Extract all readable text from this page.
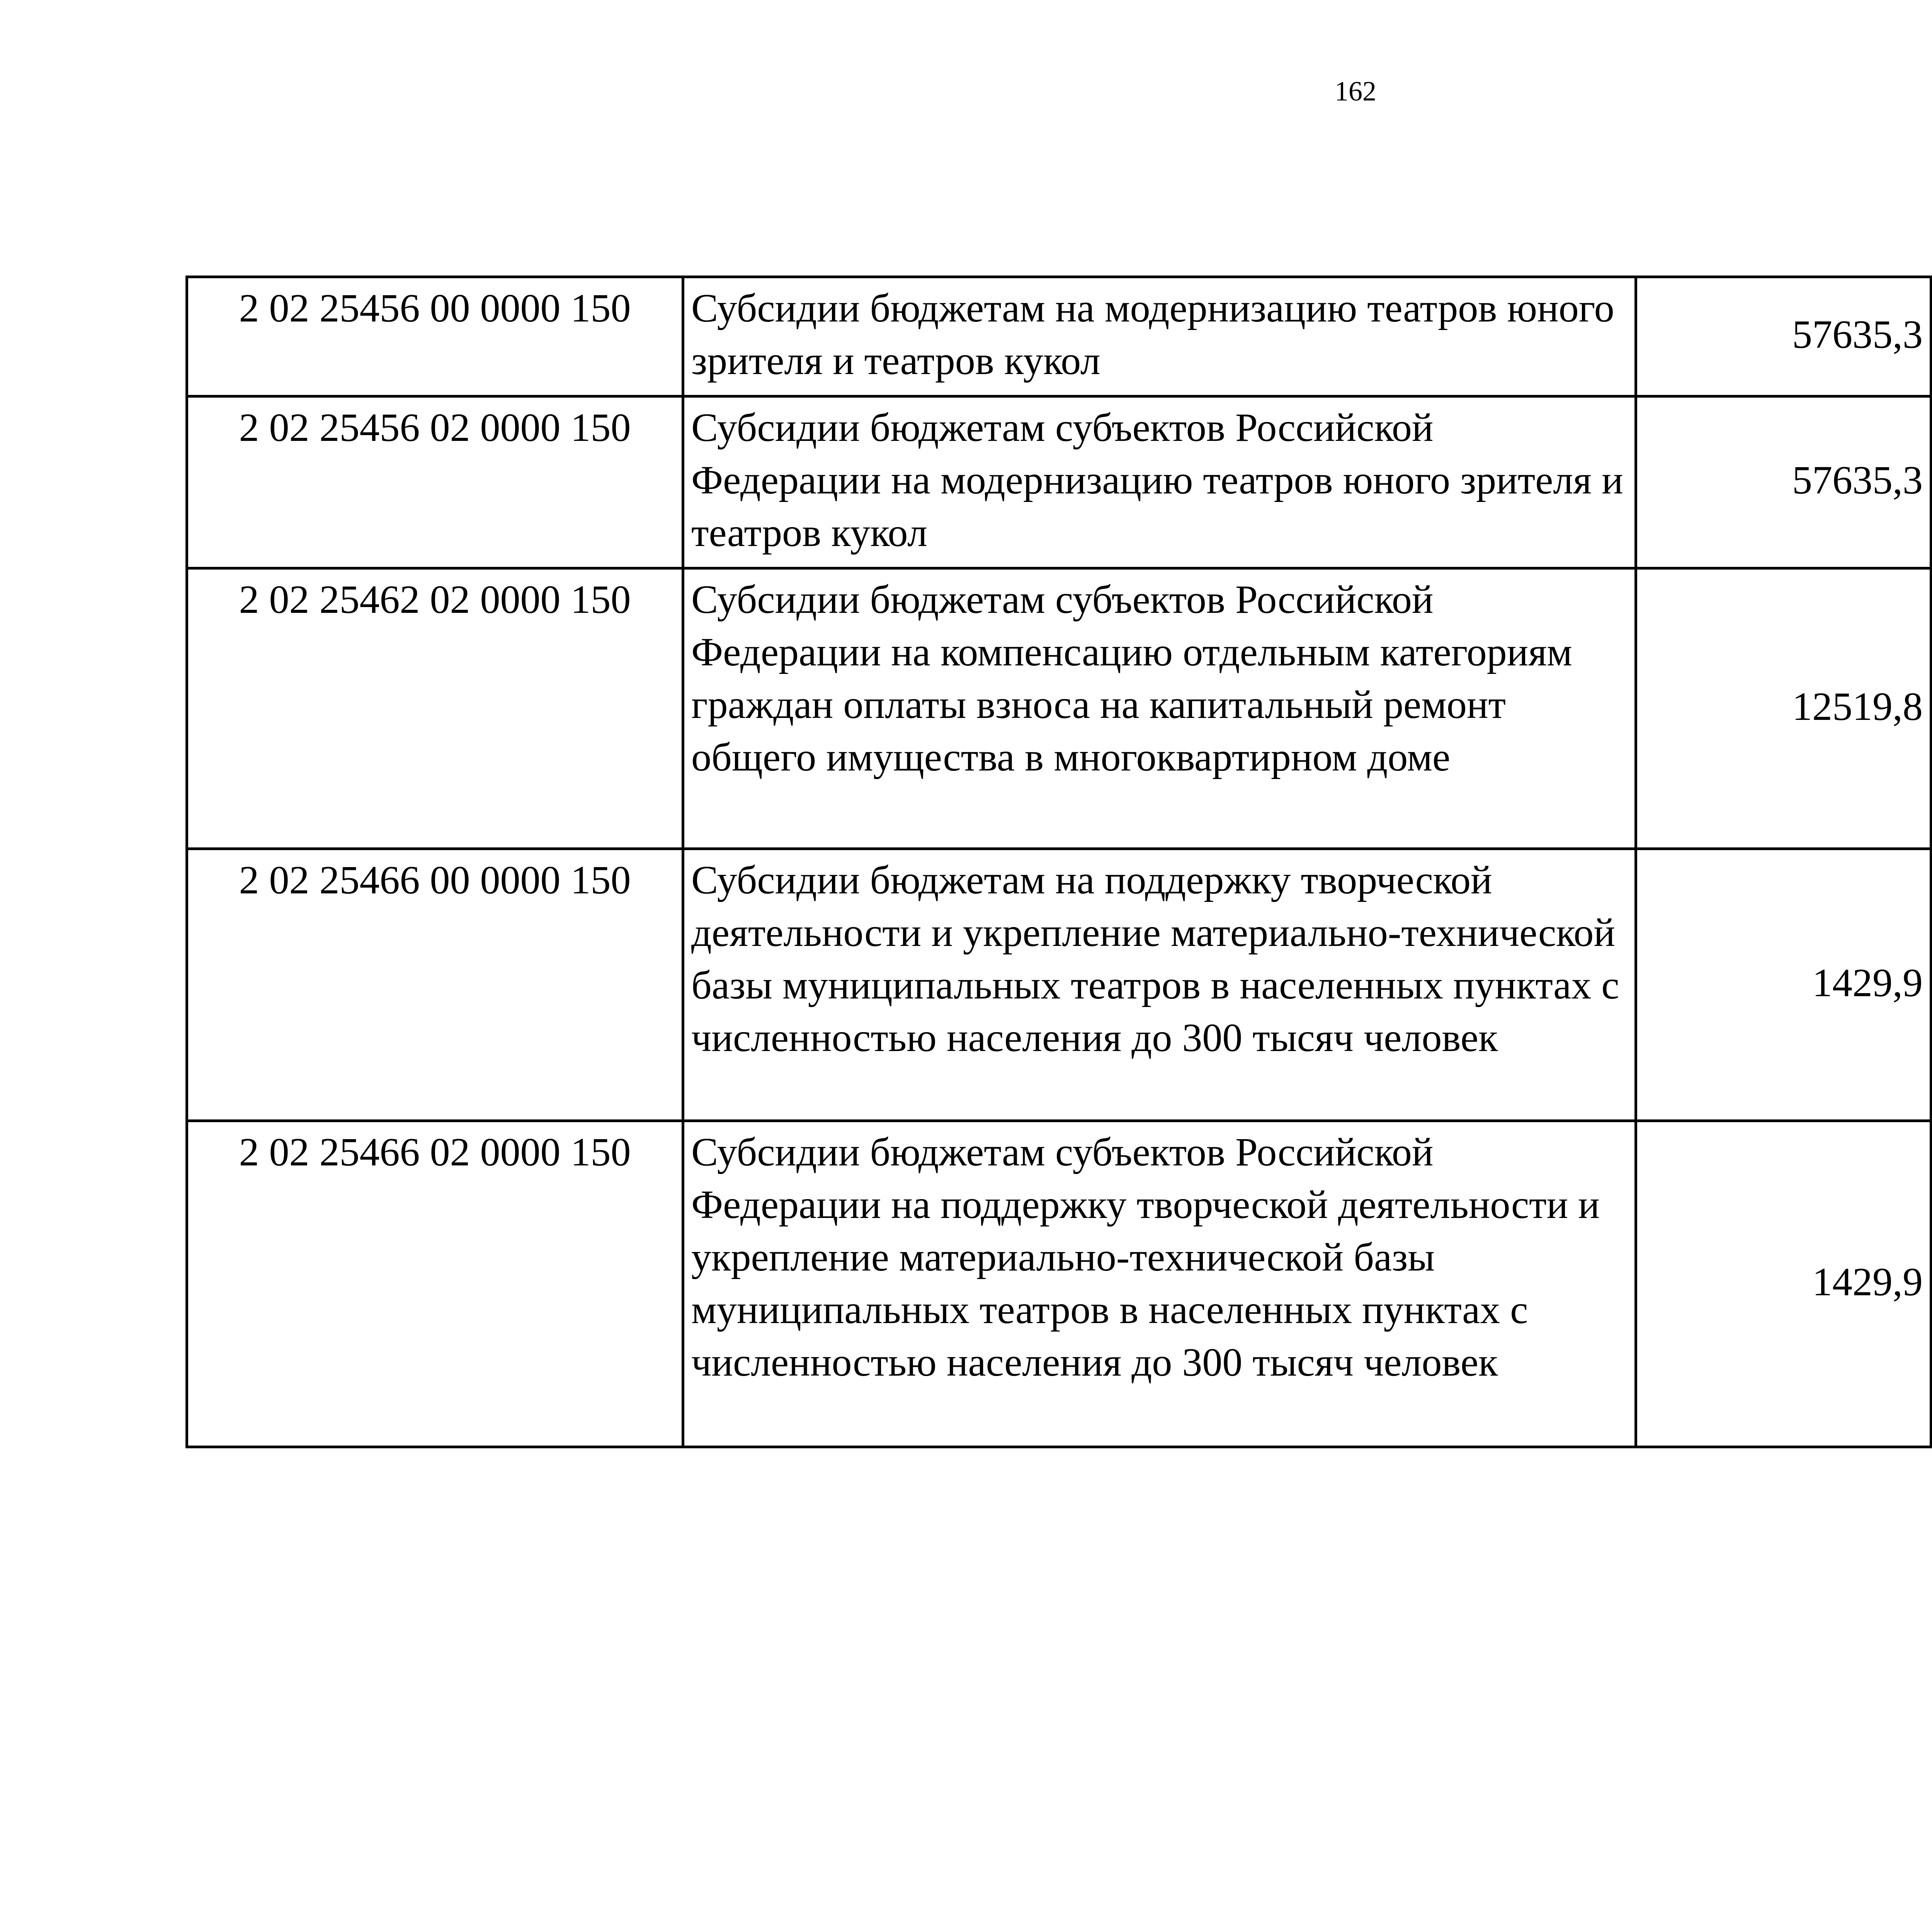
162
2 02 25456 00 0000 150	Субсидии бюджетам на модернизацию театров юного зрителя и театров кукол	57635,3		
2 02 25456 02 0000 150	Субсидии бюджетам субъектов Российской Федерации на модернизацию театров юного зрителя и театров кукол	57635,3		
2 02 25462 02 0000 150	Субсидии бюджетам субъектов Российской Федерации на компенсацию отдельным категориям граждан оплаты взноса на капитальный ремонт общего имущества в многоквартирном доме	12519,8		
2 02 25466 00 0000 150	Субсидии бюджетам на поддержку творческой деятельности и укрепление материально-технической базы муниципальных театров в населенных пунктах с численностью населения до 300 тысяч человек	1429,9		
2 02 25466 02 0000 150	Субсидии бюджетам субъектов Российской Федерации на поддержку творческой деятельности и укрепление материально-технической базы муниципальных театров в населенных пунктах с численностью населения до 300 тысяч человек	1429,9		
